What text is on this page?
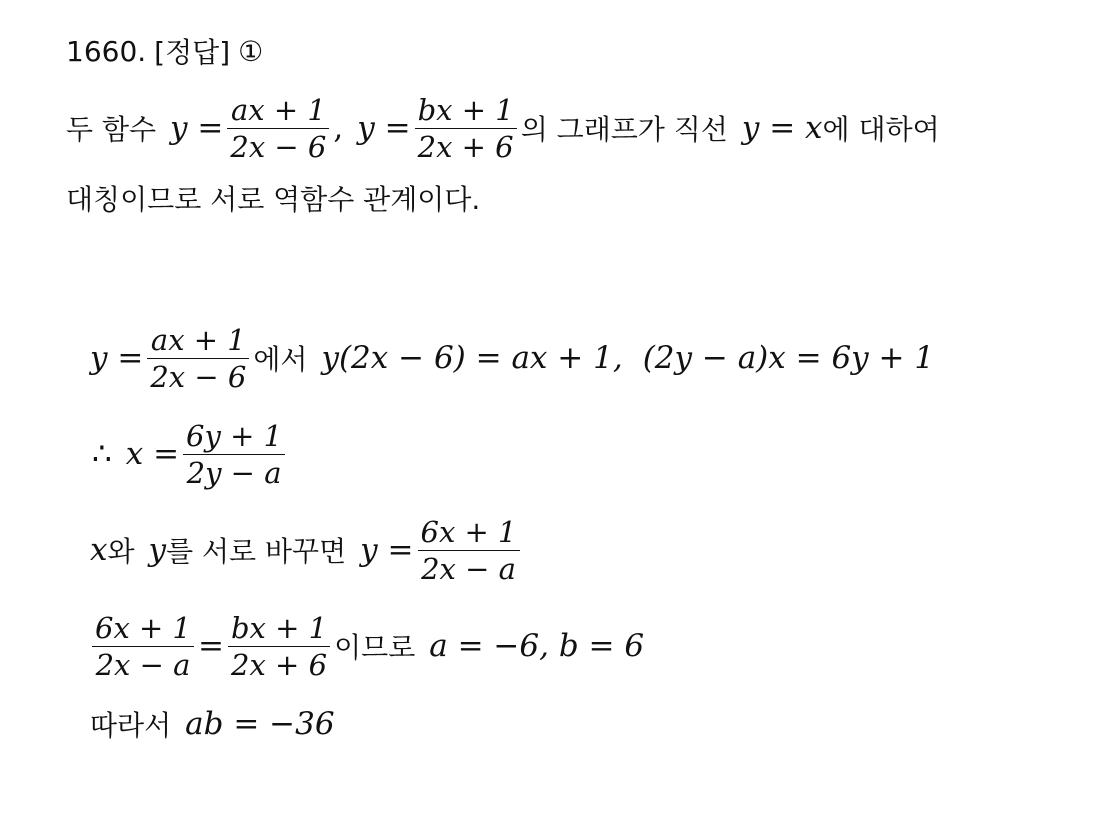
1660. [정답] ①
두 함수 $y = \frac{ax + 1}{2x - 6}$ , $y = \frac{bx + 1}{2x + 6}$ 의 그래프가 직선 y = x 에 대하여
대칭이므로 서로 역함수 관계이다.
$y = \frac{ax + 1}{2x - 6}$ 에서 y(2x − 6) = ax + 1, (2y − a)x = 6y + 1
∴ $x = \frac{6y + 1}{2y - a}$
x 와 y 를 서로 바꾸면 $y = \frac{6x + 1}{2x - a}$
$\frac{6x + 1}{2x - a} = \frac{bx + 1}{2x + 6}$ 이므로 a = −6, b = 6
따라서 ab = −36
